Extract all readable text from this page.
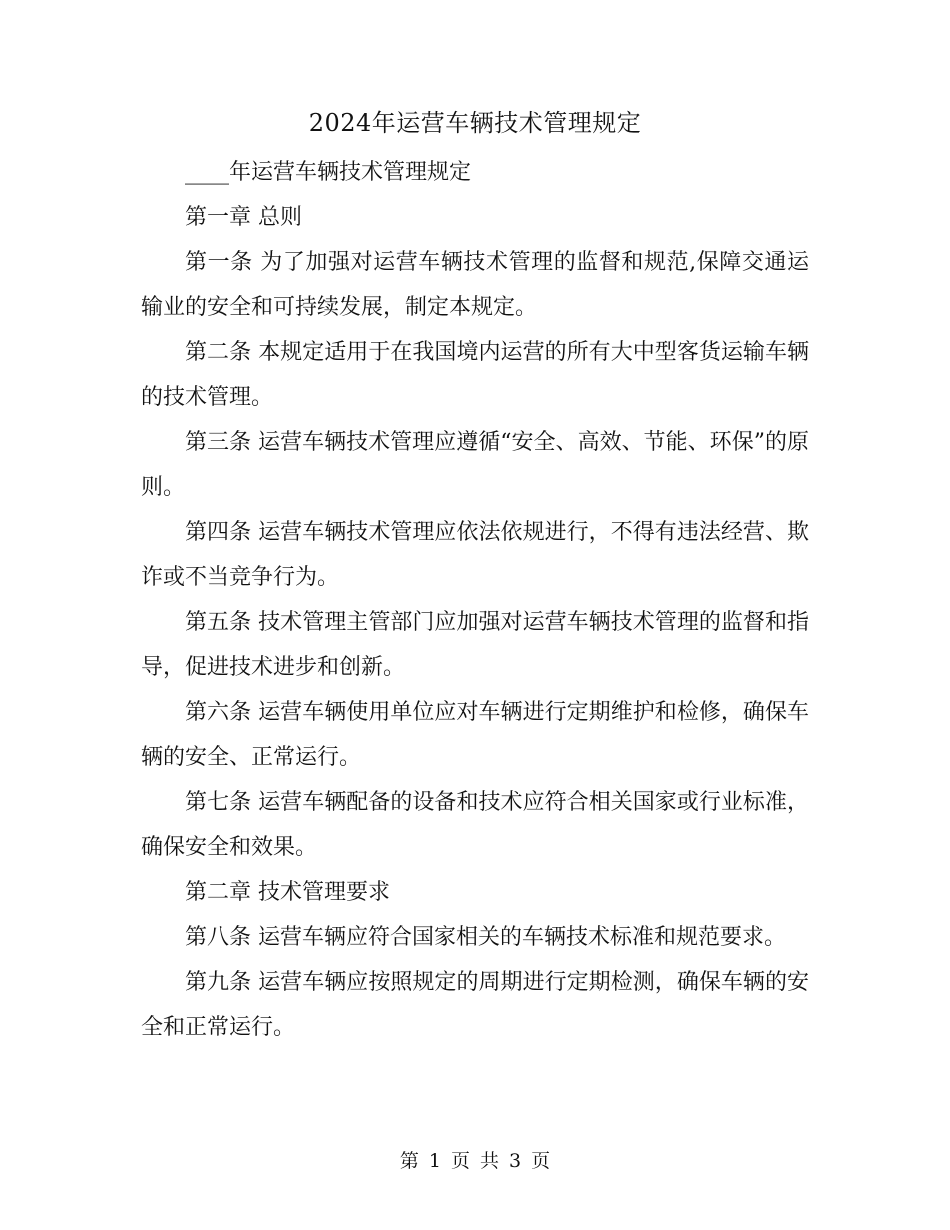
2024年运营车辆技术管理规定

____年运营车辆技术管理规定

第一章 总则

第一条 为了加强对运营车辆技术管理的监督和规范,保障交通运输业的安全和可持续发展，制定本规定。

第二条 本规定适用于在我国境内运营的所有大中型客货运输车辆的技术管理。

第三条 运营车辆技术管理应遵循“安全、高效、节能、环保”的原则。

第四条 运营车辆技术管理应依法依规进行，不得有违法经营、欺诈或不当竞争行为。

第五条 技术管理主管部门应加强对运营车辆技术管理的监督和指导，促进技术进步和创新。

第六条 运营车辆使用单位应对车辆进行定期维护和检修，确保车辆的安全、正常运行。

第七条 运营车辆配备的设备和技术应符合相关国家或行业标准，确保安全和效果。

第二章 技术管理要求

第八条 运营车辆应符合国家相关的车辆技术标准和规范要求。

第九条 运营车辆应按照规定的周期进行定期检测，确保车辆的安全和正常运行。

第 1 页 共 3 页
